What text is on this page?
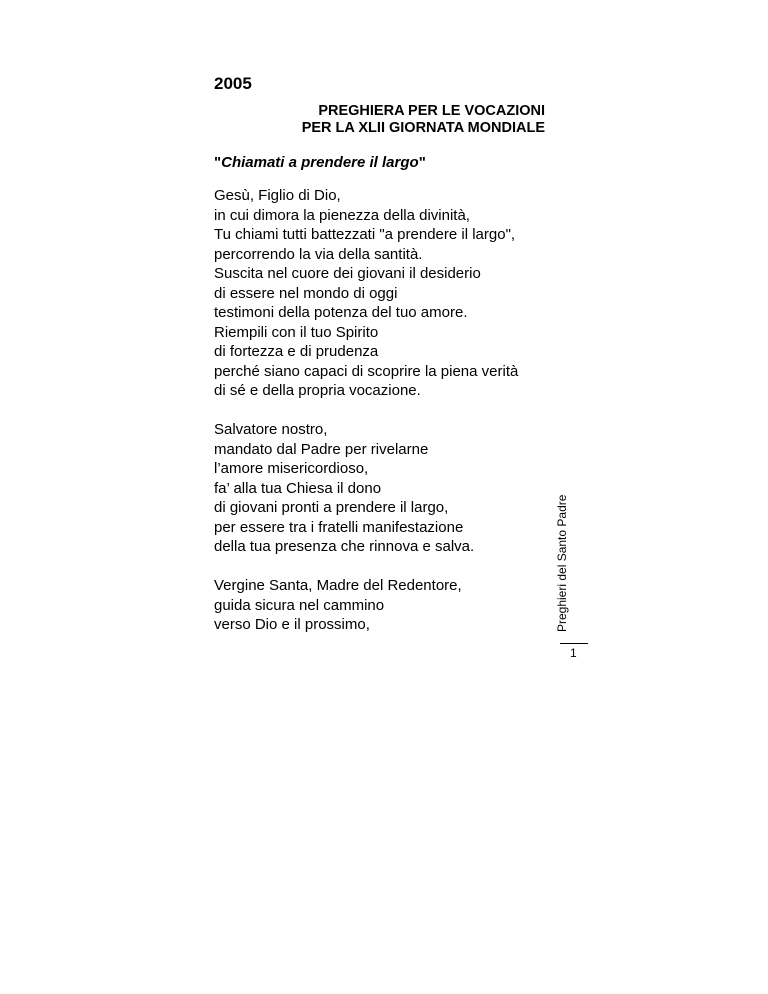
2005
PREGHIERA PER LE VOCAZIONI
PER LA XLII GIORNATA MONDIALE

"Chiamati a prendere il largo"

Gesù, Figlio di Dio,
in cui dimora la pienezza della divinità,
Tu chiami tutti battezzati "a prendere il largo",
percorrendo la via della santità.
Suscita nel cuore dei giovani il desiderio
di essere nel mondo di oggi
testimoni della potenza del tuo amore.
Riempili con il tuo Spirito
di fortezza e di prudenza
perché siano capaci di scoprire la piena verità
di sé e della propria vocazione.

Salvatore nostro,
mandato dal Padre per rivelarne
l’amore misericordioso,
fa’ alla tua Chiesa il dono
di giovani pronti a prendere il largo,
per essere tra i fratelli manifestazione
della tua presenza che rinnova e salva.

Vergine Santa, Madre del Redentore,
guida sicura nel cammino
verso Dio e il prossimo,	Preghieri del Santo Padre
1
